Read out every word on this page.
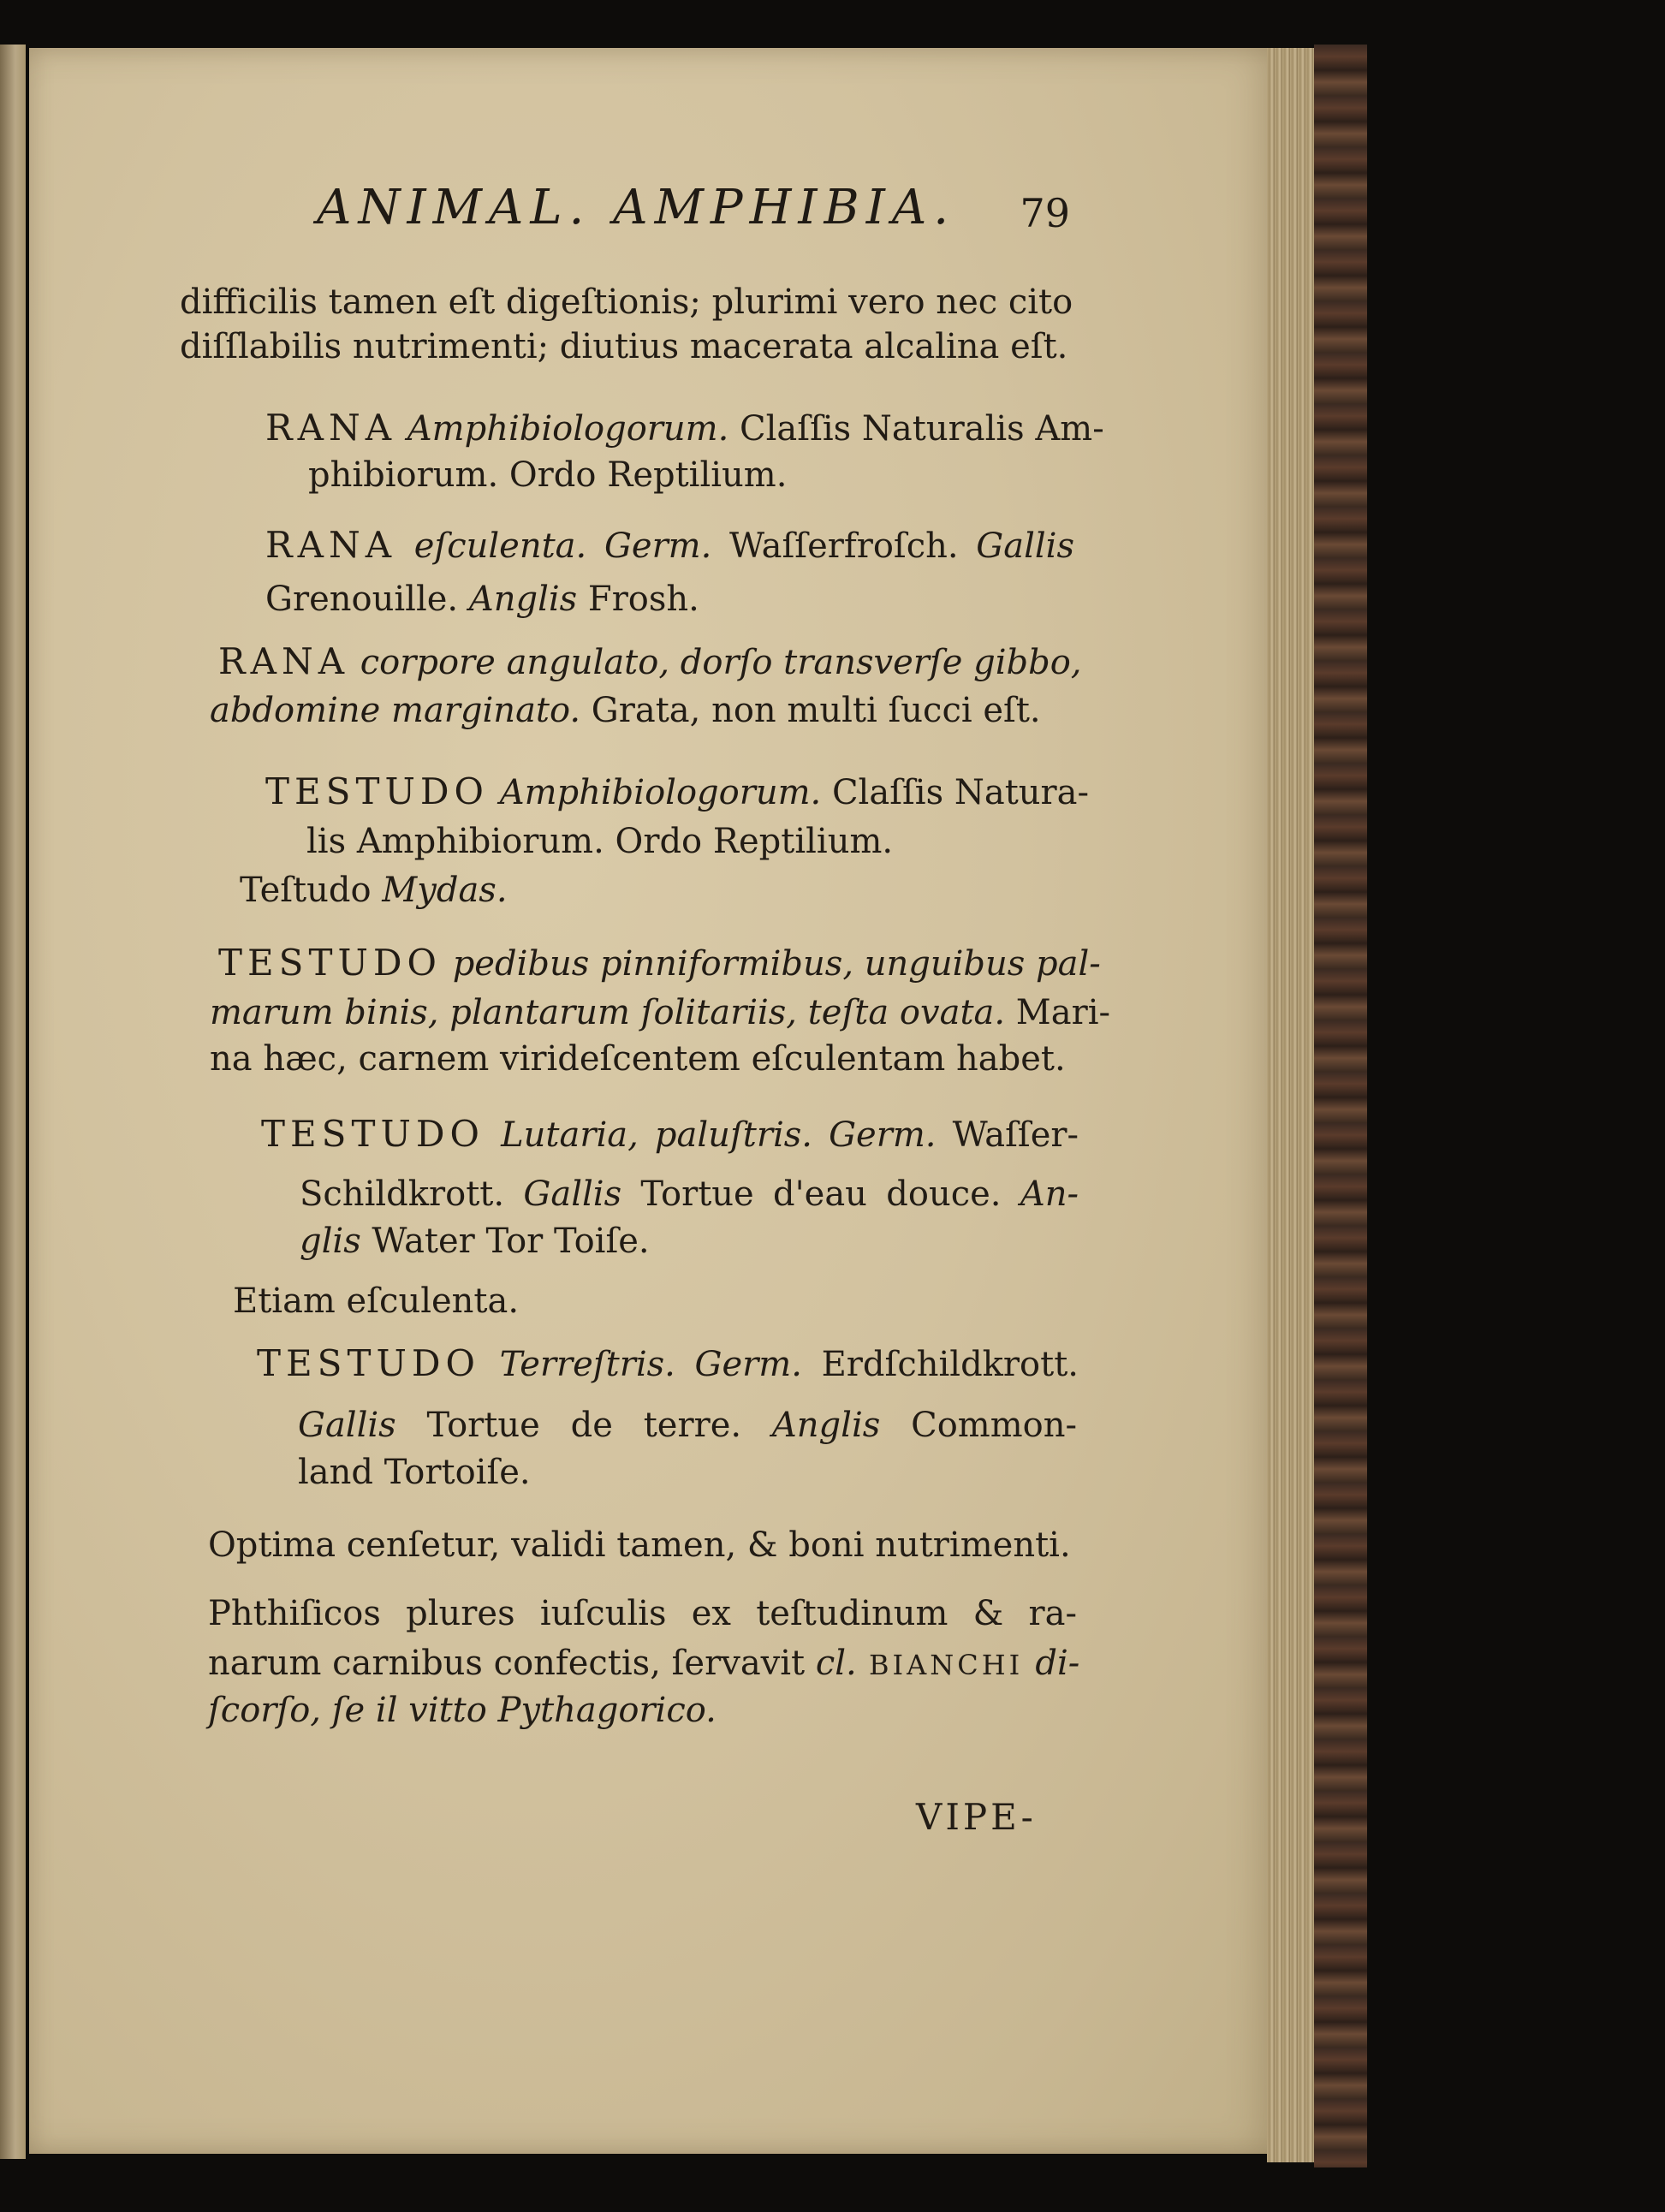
ANIMAL. AMPHIBIA. 79
difficilis tamen eſt digeſtionis; plurimi vero nec cito
diſſlabilis nutrimenti; diutius macerata alcalina eſt.
RANA Amphibiologorum. Claſſis Naturalis Am-
phibiorum. Ordo Reptilium.
RANA eſculenta. Germ. Waſſerfroſch. Gallis
Grenouille. Anglis Frosh.
RANA corpore angulato, dorſo transverſe gibbo,
abdomine marginato. Grata, non multi ſucci eſt.
TESTUDO Amphibiologorum. Claſſis Natura-
lis Amphibiorum. Ordo Reptilium.
Teſtudo Mydas.
TESTUDO pedibus pinniformibus, unguibus pal-
marum binis, plantarum ſolitariis, teſta ovata. Mari-
na hæc, carnem virideſcentem eſculentam habet.
TESTUDO Lutaria, paluſtris. Germ. Waſſer-
Schildkrott. Gallis Tortue d'eau douce. An-
glis Water Tor Toiſe.
Etiam eſculenta.
TESTUDO Terreſtris. Germ. Erdſchildkrott.
Gallis Tortue de terre. Anglis Common-
land Tortoiſe.
Optima cenſetur, validi tamen, & boni nutrimenti.
Phthiſicos plures iuſculis ex teſtudinum & ra-
narum carnibus confectis, ſervavit cl. BIANCHI di-
ſcorſo, ſe il vitto Pythagorico.
VIPE-
